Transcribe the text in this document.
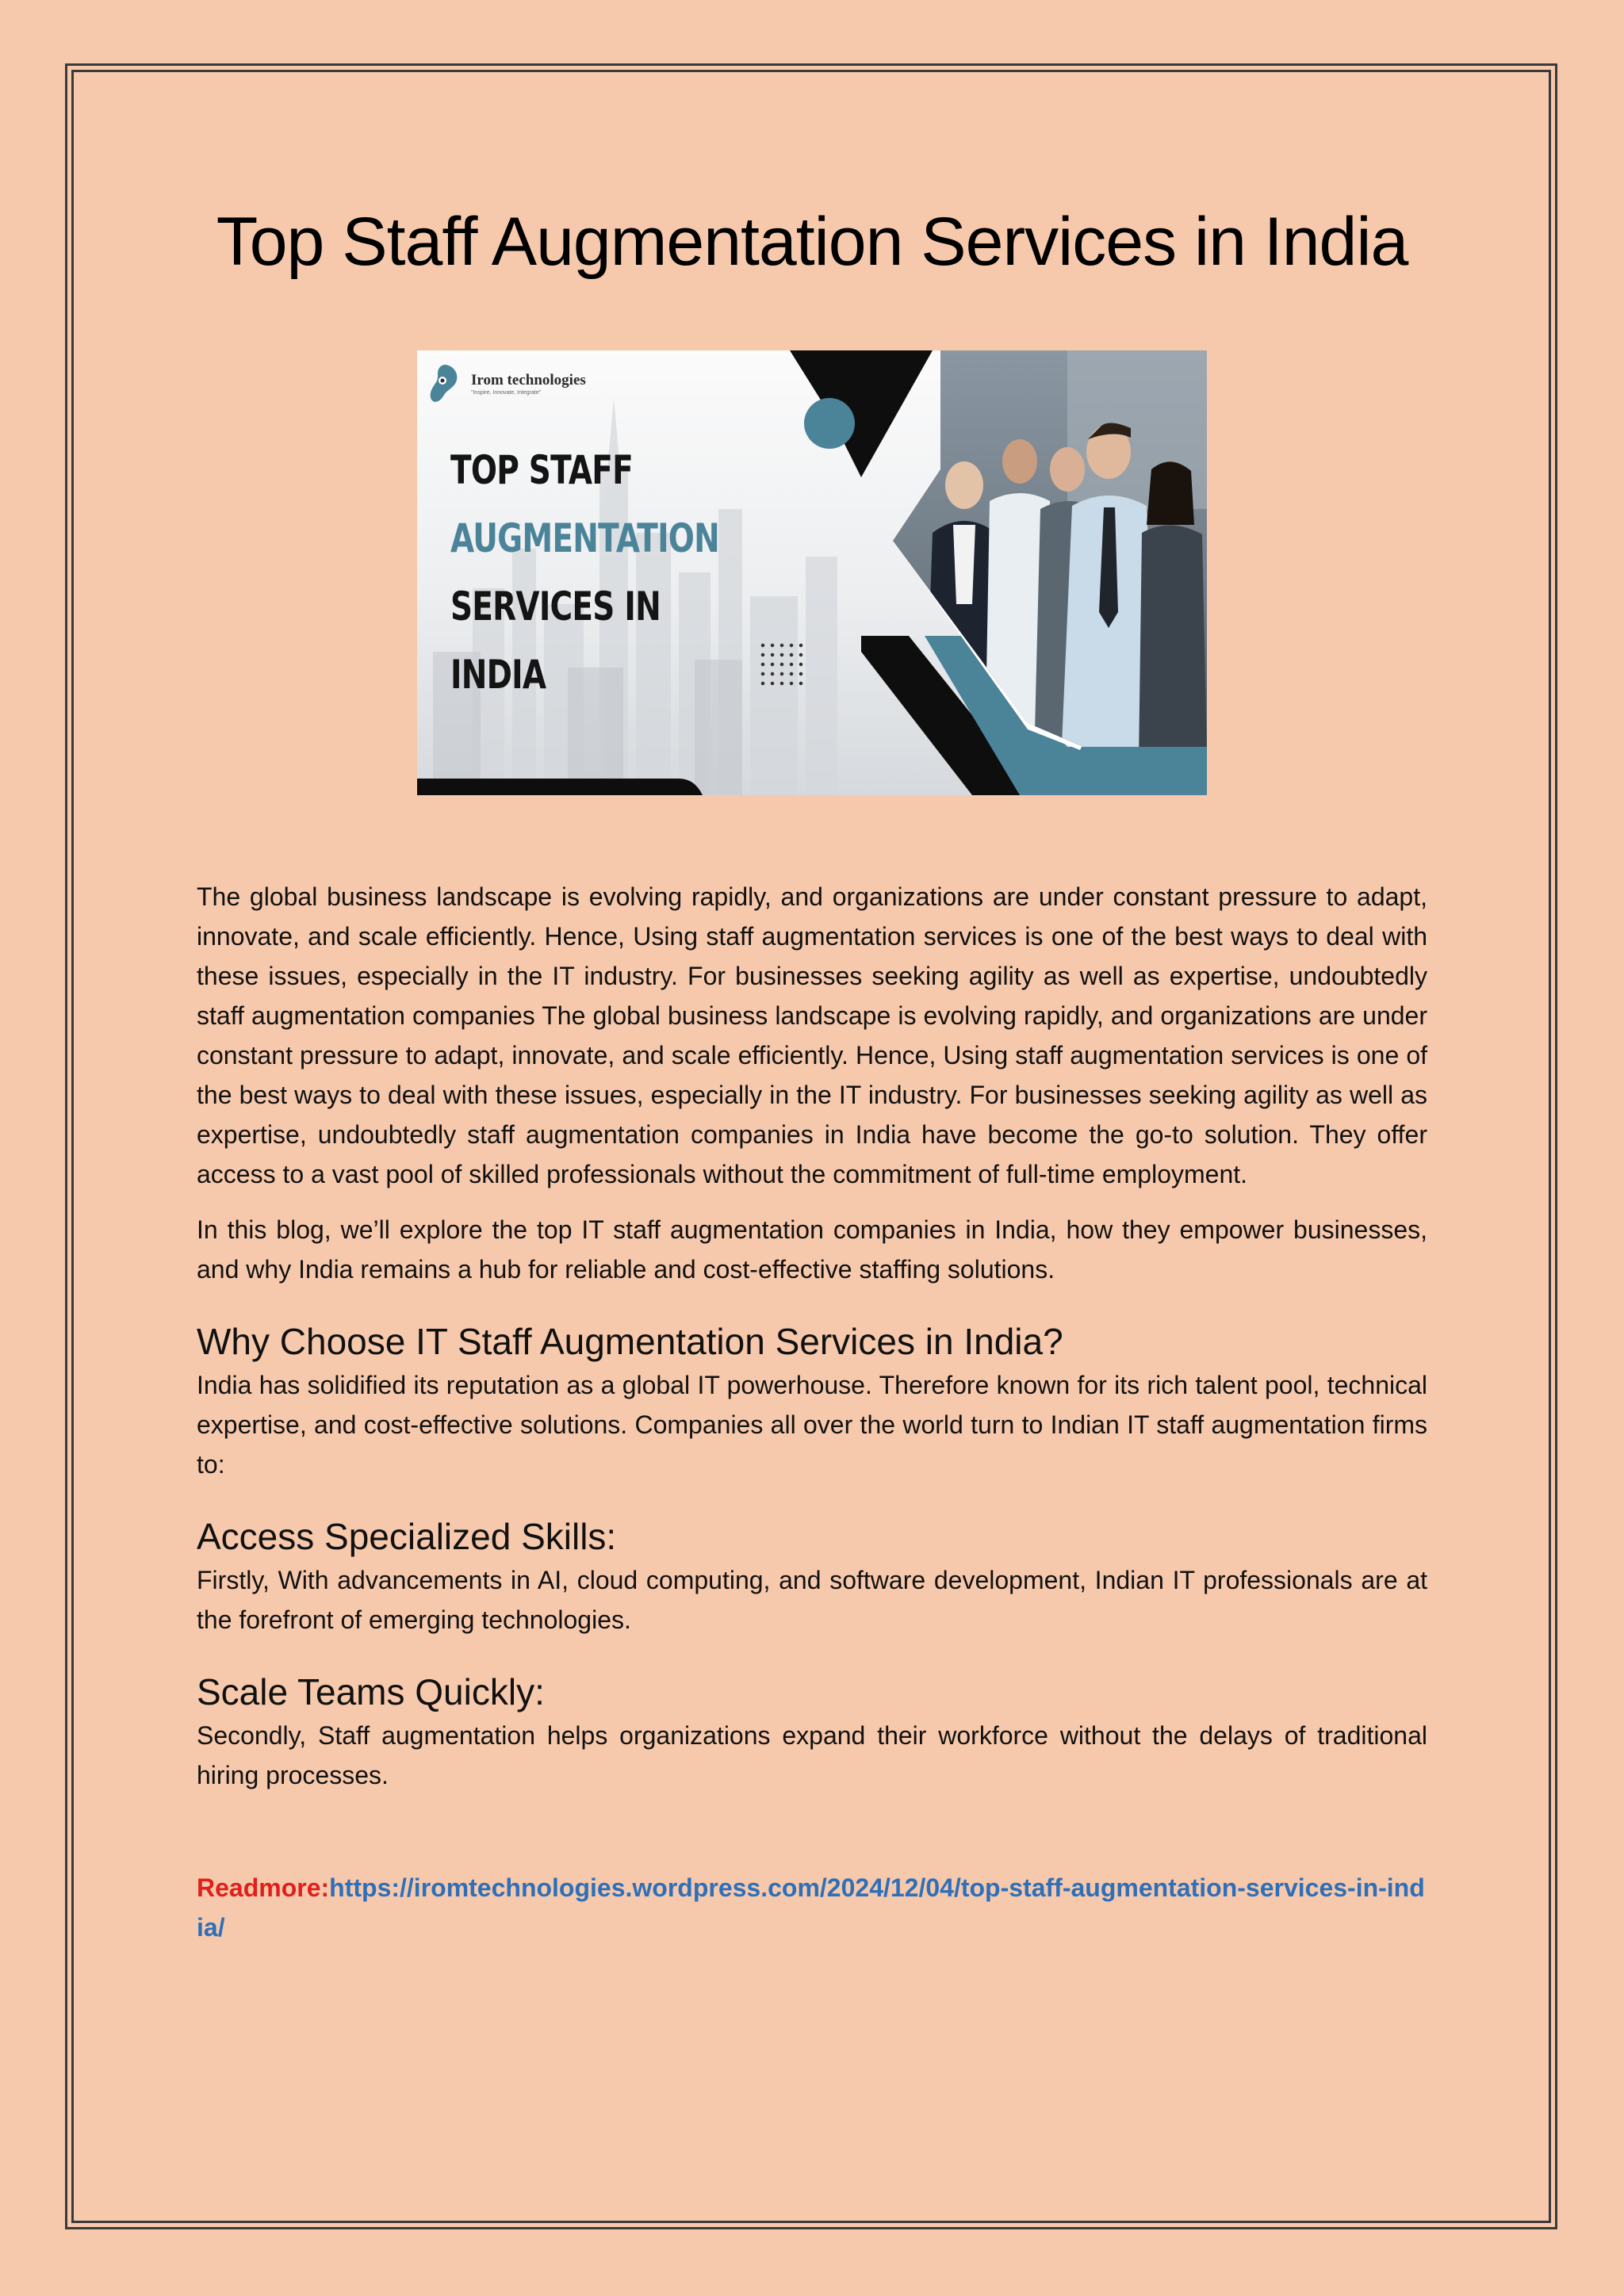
Top Staff Augmentation Services in India
Irom technologies
"Inspire, Innovate, Integrate"
TOP STAFF
AUGMENTATION
SERVICES IN
INDIA

The global business landscape is evolving rapidly, and organizations are under constant pressure to adapt, innovate, and scale efficiently. Hence, Using staff augmentation services is one of the best ways to deal with these issues, especially in the IT industry. For businesses seeking agility as well as expertise, undoubtedly staff augmentation companies The global business landscape is evolving rapidly, and organizations are under constant pressure to adapt, innovate, and scale efficiently. Hence, Using staff augmentation services is one of the best ways to deal with these issues, especially in the IT industry. For businesses seeking agility as well as expertise, undoubtedly staff augmentation companies in India have become the go-to solution. They offer access to a vast pool of skilled professionals without the commitment of full-time employment.

In this blog, we’ll explore the top IT staff augmentation companies in India, how they empower businesses, and why India remains a hub for reliable and cost-effective staffing solutions.

Why Choose IT Staff Augmentation Services in India?

India has solidified its reputation as a global IT powerhouse. Therefore known for its rich talent pool, technical expertise, and cost-effective solutions. Companies all over the world turn to Indian IT staff augmentation firms to:

Access Specialized Skills:

Firstly, With advancements in AI, cloud computing, and software development, Indian IT professionals are at the forefront of emerging technologies.

Scale Teams Quickly:

Secondly, Staff augmentation helps organizations expand their workforce without the delays of traditional hiring processes.

Readmore:https://iromtechnologies.wordpress.com/2024/12/04/top-staff-augmentation-services-in-india/
